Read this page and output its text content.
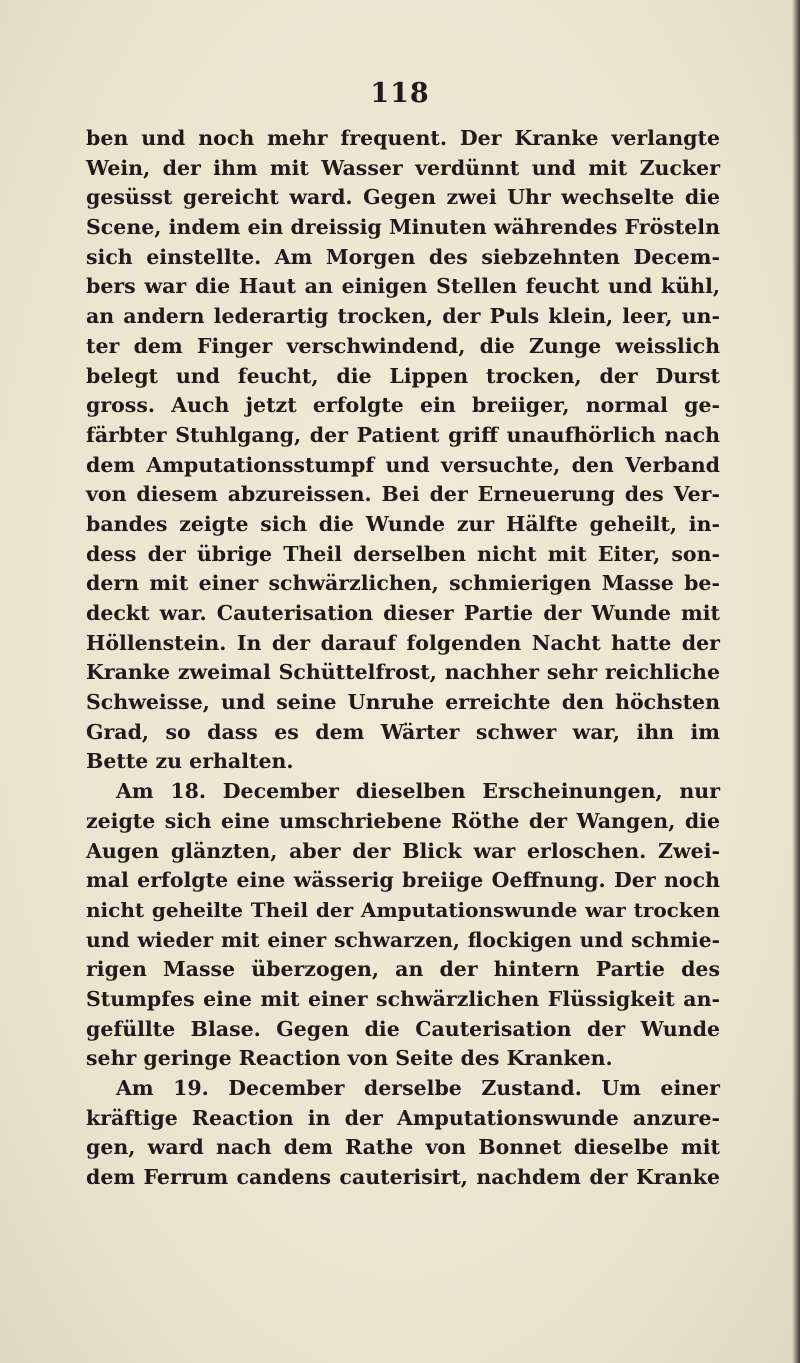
118
ben und noch mehr frequent. Der Kranke verlangte
Wein, der ihm mit Wasser verdünnt und mit Zucker
gesüsst gereicht ward. Gegen zwei Uhr wechselte die
Scene, indem ein dreissig Minuten währendes Frösteln
sich einstellte. Am Morgen des siebzehnten Decem-
bers war die Haut an einigen Stellen feucht und kühl,
an andern lederartig trocken, der Puls klein, leer, un-
ter dem Finger verschwindend, die Zunge weisslich
belegt und feucht, die Lippen trocken, der Durst
gross. Auch jetzt erfolgte ein breiiger, normal ge-
färbter Stuhlgang, der Patient griff unaufhörlich nach
dem Amputationsstumpf und versuchte, den Verband
von diesem abzureissen. Bei der Erneuerung des Ver-
bandes zeigte sich die Wunde zur Hälfte geheilt, in-
dess der übrige Theil derselben nicht mit Eiter, son-
dern mit einer schwärzlichen, schmierigen Masse be-
deckt war. Cauterisation dieser Partie der Wunde mit
Höllenstein. In der darauf folgenden Nacht hatte der
Kranke zweimal Schüttelfrost, nachher sehr reichliche
Schweisse, und seine Unruhe erreichte den höchsten
Grad, so dass es dem Wärter schwer war, ihn im
Bette zu erhalten.
Am 18. December dieselben Erscheinungen, nur
zeigte sich eine umschriebene Röthe der Wangen, die
Augen glänzten, aber der Blick war erloschen. Zwei-
mal erfolgte eine wässerig breiige Oeffnung. Der noch
nicht geheilte Theil der Amputationswunde war trocken
und wieder mit einer schwarzen, flockigen und schmie-
rigen Masse überzogen, an der hintern Partie des
Stumpfes eine mit einer schwärzlichen Flüssigkeit an-
gefüllte Blase. Gegen die Cauterisation der Wunde
sehr geringe Reaction von Seite des Kranken.
Am 19. December derselbe Zustand. Um einer
kräftige Reaction in der Amputationswunde anzure-
gen, ward nach dem Rathe von Bonnet dieselbe mit
dem Ferrum candens cauterisirt, nachdem der Kranke
